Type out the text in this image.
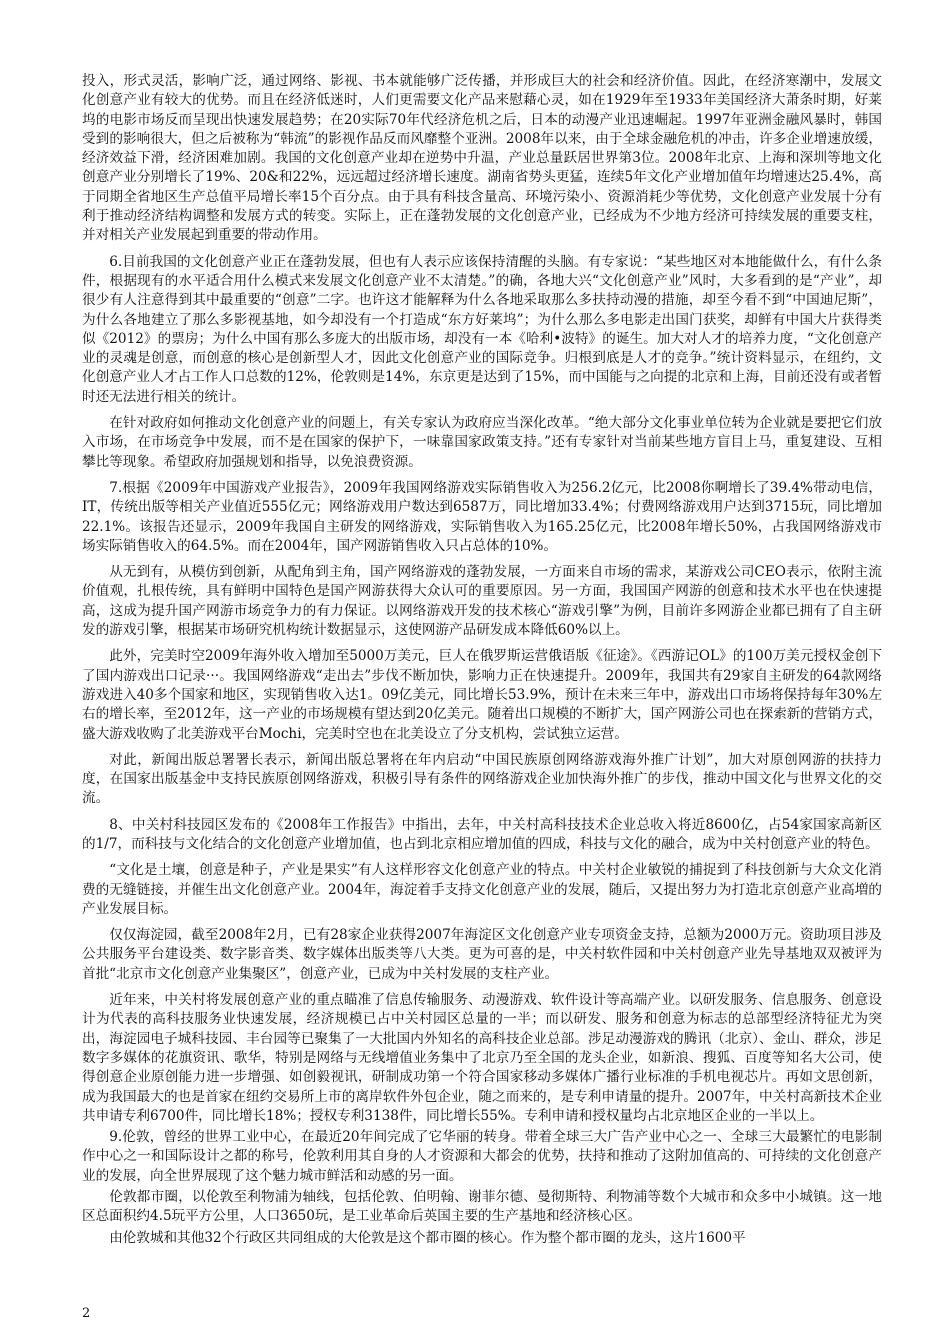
投入，形式灵活，影响广泛，通过网络、影视、书本就能够广泛传播，并形成巨大的社会和经济价值。因此，在经济寒潮中，发展文化创意产业有较大的优势。而且在经济低迷时，人们更需要文化产品来慰藉心灵，如在1929年至1933年美国经济大萧条时期，好莱坞的电影市场反而呈现出快速发展趋势；在20实际70年代经济危机之后，日本的动漫产业迅速崛起。1997年亚洲金融风暴时，韩国受到的影响很大，但之后被称为“韩流”的影视作品反而风靡整个亚洲。2008年以来，由于全球金融危机的冲击，许多企业增速放缓，经济效益下滑，经济困难加剧。我国的文化创意产业却在逆势中升温，产业总量跃居世界第3位。2008年北京、上海和深圳等地文化创意产业分别增长了19%、20&和22%，远远超过经济增长速度。湖南省势头更猛，连续5年文化产业增加值年均增速达25.4%，高于同期全省地区生产总值平局增长率15个百分点。由于具有科技含量高、环境污染小、资源消耗少等优势，文化创意产业发展十分有利于推动经济结构调整和发展方式的转变。实际上，正在蓬勃发展的文化创意产业，已经成为不少地方经济可持续发展的重要支柱，并对相关产业发展起到重要的带动作用。

6.目前我国的文化创意产业正在蓬勃发展，但也有人表示应该保持清醒的头脑。有专家说：“某些地区对本地能做什么，有什么条件，根据现有的水平适合用什么模式来发展文化创意产业不太清楚。”的确，各地大兴“文化创意产业”风时，大多看到的是“产业”，却很少有人注意得到其中最重要的“创意”二字。也许这才能解释为什么各地采取那么多扶持动漫的措施，却至今看不到“中国迪尼斯”，为什么各地建立了那么多影视基地，如今却没有一个打造成“东方好莱坞”；为什么那么多电影走出国门获奖，却鲜有中国大片获得类似《2012》的票房；为什么中国有那么多庞大的出版市场，却没有一本《哈利•波特》的诞生。加大对人才的培养力度，“文化创意产业的灵魂是创意，而创意的核心是创新型人才，因此文化创意产业的国际竞争。归根到底是人才的竞争。”统计资料显示，在纽约，文化创意产业人才占工作人口总数的12%，伦敦则是14%，东京更是达到了15%，而中国能与之向提的北京和上海，目前还没有或者暂时还无法进行相关的统计。

在针对政府如何推动文化创意产业的问题上，有关专家认为政府应当深化改革。“绝大部分文化事业单位转为企业就是要把它们放入市场，在市场竞争中发展，而不是在国家的保护下，一味靠国家政策支持。”还有专家针对当前某些地方盲目上马，重复建设、互相攀比等现象。希望政府加强规划和指导，以免浪费资源。

7.根据《2009年中国游戏产业报告》，2009年我国网络游戏实际销售收入为256.2亿元，比2008你啊增长了39.4%带动电信，IT，传统出版等相关产业值近555亿元；网络游戏用户数达到6587万，同比增加33.4%；付费网络游戏用户达到3715玩，同比增加22.1%。该报告还显示，2009年我国自主研发的网络游戏，实际销售收入为165.25亿元，比2008年增长50%，占我国网络游戏市场实际销售收入的64.5%。而在2004年，国产网游销售收入只占总体的10%。

从无到有，从模仿到创新，从配角到主角，国产网络游戏的蓬勃发展，一方面来自市场的需求，某游戏公司CEO表示，依附主流价值观，扎根传统，具有鲜明中国特色是国产网游获得大众认可的重要原因。另一方面，我国国产网游的创意和技术水平也在快速提高，这成为提升国产网游市场竞争力的有力保证。以网络游戏开发的技术核心“游戏引擎”为例，目前许多网游企业都已拥有了自主研发的游戏引擎，根据某市场研究机构统计数据显示，这使网游产品研发成本降低60%以上。

此外，完美时空2009年海外收入增加至5000万美元，巨人在俄罗斯运营俄语版《征途》。《西游记OL》的100万美元授权金创下了国内游戏出口记录···。我国网络游戏“走出去”步伐不断加快，影响力正在快速提升。2009年，我国共有29家自主研发的64款网络游戏进入40多个国家和地区，实现销售收入达1。09亿美元，同比增长53.9%，预计在未来三年中，游戏出口市场将保持每年30%左右的增长率，至2012年，这一产业的市场规模有望达到20亿美元。随着出口规模的不断扩大，国产网游公司也在探索新的营销方式，盛大游戏收购了北美游戏平台Mochi，完美时空也在北美设立了分支机构，尝试独立运营。

对此，新闻出版总署署长表示，新闻出版总署将在年内启动“中国民族原创网络游戏海外推广计划”，加大对原创网游的扶持力度，在国家出版基金中支持民族原创网络游戏，积极引导有条件的网络游戏企业加快海外推广的步伐，推动中国文化与世界文化的交流。

8、中关村科技园区发布的《2008年工作报告》中指出，去年，中关村高科技技术企业总收入将近8600亿，占54家国家高新区的1/7，而科技与文化结合的文化创意产业增加值，也占到北京相应增加值的四成，科技与文化的融合，成为中关村创意产业的特色。

“文化是土壤，创意是种子，产业是果实”有人这样形容文化创意产业的特点。中关村企业敏锐的捕捉到了科技创新与大众文化消费的无缝链接，并催生出文化创意产业。2004年，海淀着手支持文化创意产业的发展，随后，又提出努力为打造北京创意产业高増的产业发展目标。

仅仅海淀园，截至2008年2月，已有28家企业获得2007年海淀区文化创意产业专项资金支持，总额为2000万元。资助项目涉及公共服务平台建设类、数字影音类、数字媒体出版类等八大类。更为可喜的是，中关村软件园和中关村创意产业先导基地双双被评为首批“北京市文化创意产业集聚区”，创意产业，已成为中关村发展的支柱产业。

近年来，中关村将发展创意产业的重点瞄准了信息传输服务、动漫游戏、软件设计等高端产业。以研发服务、信息服务、创意设计为代表的高科技服务业快速发展，经济规模已占中关村园区总量的一半；而以研发、服务和创意为标志的总部型经济特征尤为突出，海淀园电子城科技园、丰台园等已聚集了一大批国内外知名的高科技企业总部。涉足动漫游戏的腾讯（北京）、金山、群众，涉足数字多媒体的花旗资讯、歌华，特别是网络与无线增值业务集中了北京乃至全国的龙头企业，如新浪、搜狐、百度等知名大公司，使得创意企业原创能力进一步增强、如创毅视讯，研制成功第一个符合国家移动多媒体广播行业标准的手机电视芯片。再如文思创新，成为我国最大的也是首家在纽约交易所上市的离岸软件外包企业，随之而来的，是专利申请量的提升。2007年，中关村高新技术企业共申请专利6700件，同比增长18%；授权专利3138件，同比增长55%。专利申请和授权量均占北京地区企业的一半以上。

9.伦敦，曾经的世界工业中心，在最近20年间完成了它华丽的转身。带着全球三大广告产业中心之一、全球三大最繁忙的电影制作中心之一和国际设计之都的称号，伦敦利用其自身的人才资源和大都会的优势，扶持和推动了这附加值高的、可持续的文化创意产业的发展，向全世界展现了这个魅力城市鲜活和动感的另一面。

伦敦都市圈，以伦敦至利物浦为轴线，包括伦敦、伯明翰、谢菲尔德、曼彻斯特、利物浦等数个大城市和众多中小城镇。这一地区总面积约4.5玩平方公里，人口3650玩，是工业革命后英国主要的生产基地和经济核心区。

由伦敦城和其他32个行政区共同组成的大伦敦是这个都市圈的核心。作为整个都市圈的龙头，这片1600平

2
